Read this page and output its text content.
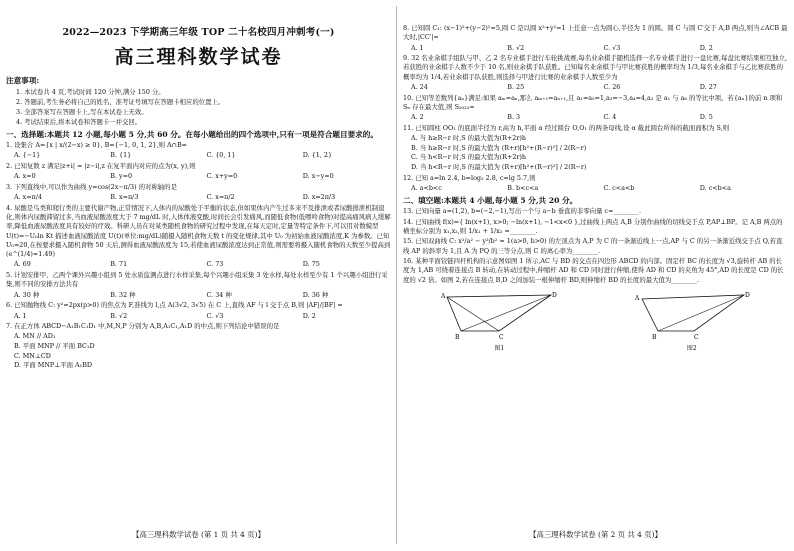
2022—2023 下学期高三年级 TOP 二十名校四月冲刺考(一)
高三理科数学试卷
注意事项:

1. 本试卷共 4 页,考试时间 120 分钟,满分 150 分。

2. 答题前,考生务必将自己的姓名、准考证号填写在答题卡相应的位置上。

3. 全部答案写在答题卡上,写在本试卷上无效。

4. 考试结束后,将本试卷和答题卡一并交回。

一、选择题:本题共 12 小题,每小题 5 分,共 60 分。在每小题给出的四个选项中,只有一项是符合题目要求的。
1. 设集合 A={x | x/(2−x) ≥ 0}, B={−1, 0, 1, 2},则 A∩B=
A. {−1}	B. {1}	C. {0, 1}	D. {1, 2}
2. 已知复数 z 满足|z+i| = |z−i|,z 在复平面内对应的点为(x, y),则
A. x=0	B. y=0	C. x+y=0	D. x−y=0
3. 下列直线中,可以作为曲线 y=cos(2x−π/3) 的对称轴的是
A. x=π/4	B. x=π/3	C. x=π/2	D. x=2π/3
4. 尿酸是鸟类和爬行类的主要代谢产物,正常情况下,人体内的尿酸处于平衡的状态,但如果体内产生过多来不及排泄或者尿酸排泄机制退化,则体内尿酸滞留过多,当血液尿酸浓度大于 7 mg/dL 时,人体体液变酸,时间长会引发痛风,而随低食物(低嘌呤食物)对提高痛风病人缓解率,降低血液尿酸浓度具有较好的疗效。科研人员在对某类随机食物的研究过程中发现,在每天定时,定量等特定条件下,可以用对数模型 U(t)=−U₀ln Kt 描述血液尿酸浓度 U(t)(单位:mg/dL)随摄入随机食物天数 t 的变化规律,其中 U₀ 为初始血液尿酸浓度,K 为参数。已知 U₀=20,在按要求摄入随机食物 50 天后,测得血液尿酸浓度为 15,若使血液尿酸浓度达到正常值,则需要将摄入随机食物的天数至少提高到(e^(1/4)≈1.49)
A. 69	B. 71	C. 73	D. 75
5. 计划安排甲、乙两个课外兴趣小组到 5 处水质监测点进行水样采集,每个兴趣小组采集 3 处水样,每处水样至少有 1 个兴趣小组进行采集,则不同的安排方法共有
A. 30 种	B. 32 种	C. 34 种	D. 36 种
6. 已知抛物线 C: y²=2px(p>0) 的焦点为 F,准线为 l,点 A(3√2, 3√5) 在 C 上,直线 AF 与 l 交于点 B,则 |AF|/|BF| =
A. 1	B. √2	C. √3	D. 2
7. 在正方体 ABCD−A₁B₁C₁D₁ 中,M,N,P 分别为 A,B,A₁C₁,A₁D 的中点,则下列结论中错误的是
A. MN // AD₁
B. 平面 MNP // 平面 BC₁D
C. MN⊥CD
D. 平面 MNP⊥平面 A₁BD
【高三理科数学试卷 (第 1 页 共 4 页)】
8. 已知圆 C₁: (x−1)²+(y−2)²=5,圆 C 是以圆 x²+y²=1 上任意一点为圆心,半径为 1 的圆。圆 C 与圆 C′交于 A,B 两点,则当∠ACB 最大时,|CC′|=
A. 1	B. √2	C. √3	D. 2
9. 32 名业余棋手组队与甲、乙 2 名专业棋手进行车轮挑战赛,每名业余棋手随机选择一名专业棋手进行一盘比赛,每盘比赛结果相互独立,若获胜的业余棋手人数不少于 10 名,则业余棋手队获胜。已知每名业余棋手与甲比赛获胜的概率均为 1/3,每名业余棋手与乙比赛获胜的概率均为 1/4,若业余棋手队获胜,则选择与甲进行比赛的业余棋手人数至少为
A. 24	B. 25	C. 26	D. 27
10. 已知等差数列{aₙ}满足:如果 aₘ=aₙ,那么 aₘ₊₁=aₙ₊₁,且 a₁=a₅=1,a₃=−3,a₄=4,a₂ 是 a₁ 与 a₆ 的等比中项。若{aₙ}的前 n 项和 Sₙ 存在最大值,则 S₂₀₂₃=
A. 2	B. 3	C. 4	D. 5
11. 已知圆柱 OO₁ 的底面半径为 r,高为 h,平面 α 经过圆台 O,O₁ 的两条母线,设 α 截此圆台所得的截面面积为 S,则
A. 当 h≥R−r 时,S 的最大值为(R+2r)h
B. 当 h≥R−r 时,S 的最大值为 (R+r)[h²+(R−r)²] / 2(R−r)
C. 当 h<R−r 时,S 的最大值为(R+2r)h
D. 当 h<R−r 时,S 的最大值为 (R+r)[h²+(R−r)²] / 2(R−r)
12. 已知 a=ln 2.4, b=log₂ 2.8, c=lg 5.7,则
A. a<b<c	B. b<c<a	C. c<a<b	D. c<b<a
二、填空题:本题共 4 小题,每小题 5 分,共 20 分。
13. 已知向量 a=(1,2), b=(−2,−1),写出一个与 a−b 垂直的非零向量 c=________.
14. 已知曲线 f(x)={ ln(x+1), x>0; −ln(x+1), −1<x<0 },过曲线上两点 A,B 分别作曲线的切线交于点 P,AP⊥BP。记 A,B 两点的横坐标分别为 x₁,x₂,则 1/x₁ + 1/x₂ =________.
15. 已知双曲线 C: x²/a² − y²/b² = 1(a>0, b>0) 的左顶点为 A,P 为 C 的一条渐近线上一点,AP 与 C 的另一条渐近线交于点 Q,若直线 AP 的斜率为 1,且 A 为 PQ 的三等分点,则 C 的离心率为________.
16. 某种平面铰链四杆机构的示意图如图 1 所示,AC 与 BD 的交点在四边形 ABCD 的内部。固定杆 BC 的长度为 √3,旋转杆 AB 的长度为 1,AB 可绕着连接点 B 转动,在转动过程中,伸缩杆 AD 和 CD 同时进行伸缩,使得 AD 和 CD 的夹角为 45°,AD 的长度是 CD 的长度的 √2 倍。如图 2,若在连接点 B,D 之间加装一根伸缩杆 BD,则伸缩杆 BD 的长度的最大值为________.
A
B	C
D
图1
A
B	C
D
图2
【高三理科数学试卷 (第 2 页 共 4 页)】
